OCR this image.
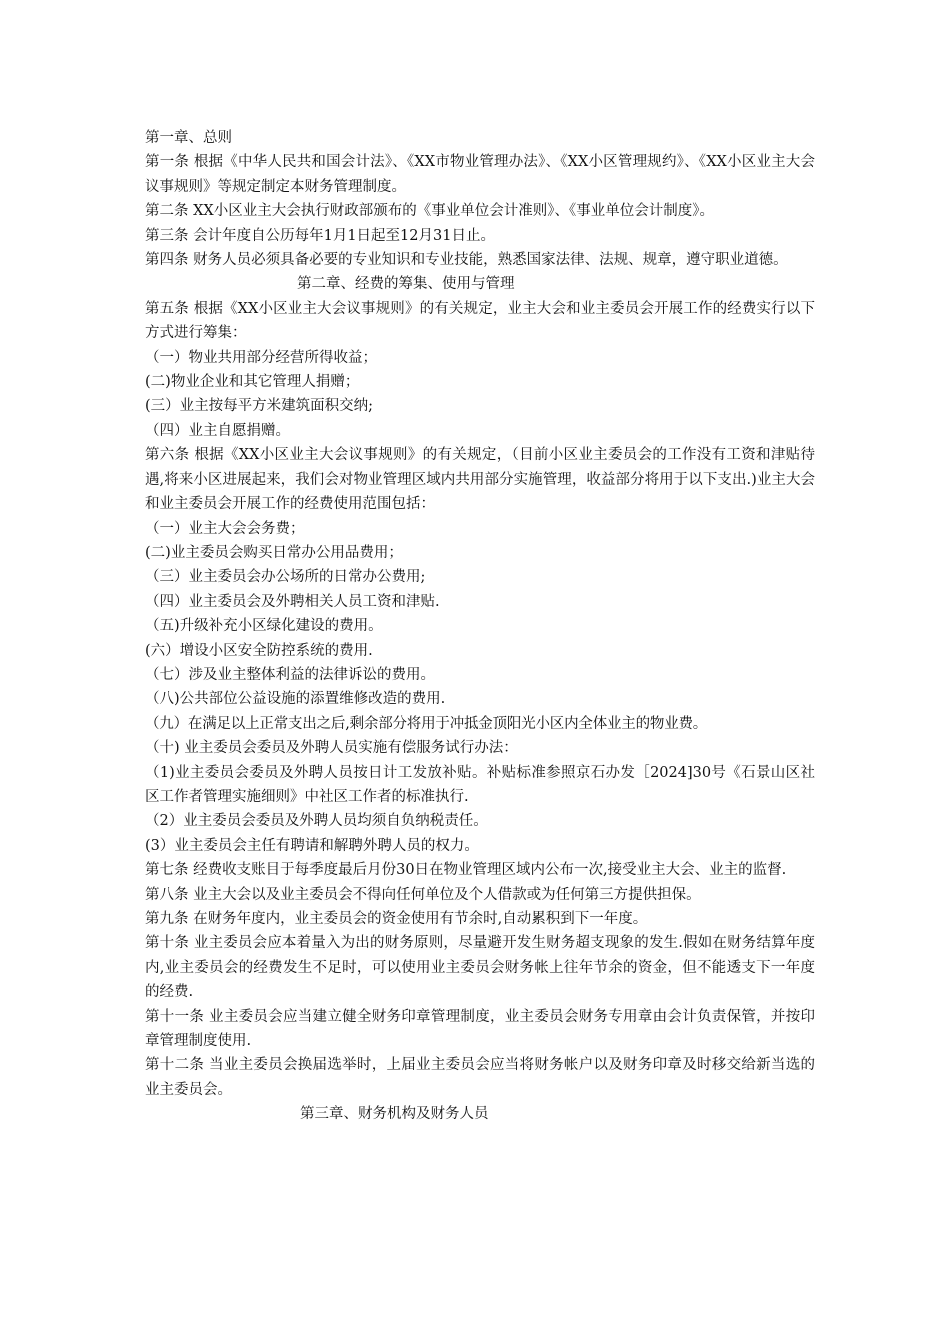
第一章、总则

第一条 根据《中华人民共和国会计法》、《XX市物业管理办法》、《XX小区管理规约》、《XX小区业主大会议事规则》等规定制定本财务管理制度。

第二条 XX小区业主大会执行财政部颁布的《事业单位会计准则》、《事业单位会计制度》。

第三条 会计年度自公历每年1月1日起至12月31日止。

第四条 财务人员必须具备必要的专业知识和专业技能，熟悉国家法律、法规、规章，遵守职业道德。

第二章、经费的筹集、使用与管理

第五条 根据《XX小区业主大会议事规则》的有关规定，业主大会和业主委员会开展工作的经费实行以下方式进行筹集：

（一）物业共用部分经营所得收益；

(二)物业企业和其它管理人捐赠；

(三）业主按每平方米建筑面积交纳;

（四）业主自愿捐赠。

第六条 根据《XX小区业主大会议事规则》的有关规定，（目前小区业主委员会的工作没有工资和津贴待遇,将来小区进展起来，我们会对物业管理区域内共用部分实施管理，收益部分将用于以下支出.)业主大会和业主委员会开展工作的经费使用范围包括：

（一）业主大会会务费；

(二)业主委员会购买日常办公用品费用；

（三）业主委员会办公场所的日常办公费用;

（四）业主委员会及外聘相关人员工资和津贴.

（五)升级补充小区绿化建设的费用。

(六）增设小区安全防控系统的费用.

（七）涉及业主整体利益的法律诉讼的费用。

（八)公共部位公益设施的添置维修改造的费用.

（九）在满足以上正常支出之后,剩余部分将用于冲抵金顶阳光小区内全体业主的物业费。

（十) 业主委员会委员及外聘人员实施有偿服务试行办法：

（1)业主委员会委员及外聘人员按日计工发放补贴。补贴标准参照京石办发［2024]30号《石景山区社区工作者管理实施细则》中社区工作者的标准执行.

（2）业主委员会委员及外聘人员均须自负纳税责任。

(3）业主委员会主任有聘请和解聘外聘人员的权力。

第七条 经费收支账目于每季度最后月份30日在物业管理区域内公布一次,接受业主大会、业主的监督.

第八条 业主大会以及业主委员会不得向任何单位及个人借款或为任何第三方提供担保。

第九条 在财务年度内，业主委员会的资金使用有节余时,自动累积到下一年度。

第十条 业主委员会应本着量入为出的财务原则，尽量避开发生财务超支现象的发生.假如在财务结算年度内,业主委员会的经费发生不足时，可以使用业主委员会财务帐上往年节余的资金，但不能透支下一年度的经费.

第十一条 业主委员会应当建立健全财务印章管理制度，业主委员会财务专用章由会计负责保管，并按印章管理制度使用.

第十二条 当业主委员会换届选举时，上届业主委员会应当将财务帐户以及财务印章及时移交给新当选的业主委员会。

第三章、财务机构及财务人员
